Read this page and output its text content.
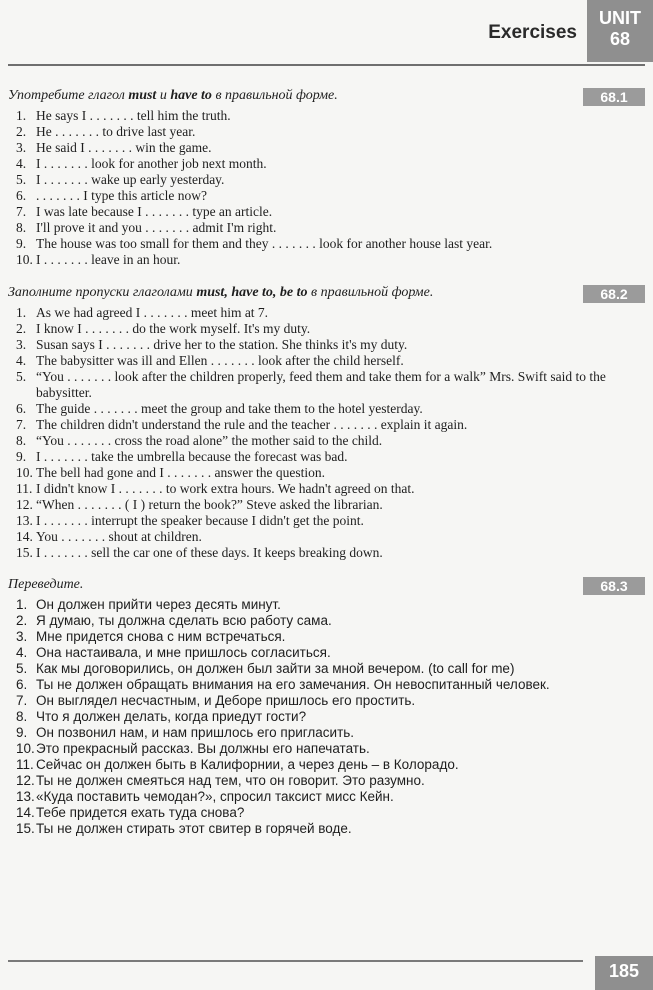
UNIT
68
Exercises
Употребите глагол must и have to в правильной форме.	68.1
1. He says I . . . . . . . tell him the truth.
2. He . . . . . . . to drive last year.
3. He said I . . . . . . . win the game.
4. I . . . . . . . look for another job next month.
5. I . . . . . . . wake up early yesterday.
6. . . . . . . . I type this article now?
7. I was late because I . . . . . . . type an article.
8. I'll prove it and you . . . . . . . admit I'm right.
9. The house was too small for them and they . . . . . . . look for another house last year.
10. I . . . . . . . leave in an hour.
Заполните пропуски глаголами must, have to, be to в правильной форме.	68.2
1. As we had agreed I . . . . . . . meet him at 7.
2. I know I . . . . . . . do the work myself. It's my duty.
3. Susan says I . . . . . . . drive her to the station. She thinks it's my duty.
4. The babysitter was ill and Ellen . . . . . . . look after the child herself.
5. “You . . . . . . . look after the children properly, feed them and take them for a walk” Mrs. Swift said to the babysitter.
6. The guide . . . . . . . meet the group and take them to the hotel yesterday.
7. The children didn't understand the rule and the teacher . . . . . . . explain it again.
8. “You . . . . . . . cross the road alone” the mother said to the child.
9. I . . . . . . . take the umbrella because the forecast was bad.
10. The bell had gone and I . . . . . . . answer the question.
11. I didn't know I . . . . . . . to work extra hours. We hadn't agreed on that.
12. “When . . . . . . . ( I ) return the book?” Steve asked the librarian.
13. I . . . . . . . interrupt the speaker because I didn't get the point.
14. You . . . . . . . shout at children.
15. I . . . . . . . sell the car one of these days. It keeps breaking down.
Переведите.	68.3
1. Он должен прийти через десять минут.
2. Я думаю, ты должна сделать всю работу сама.
3. Мне придется снова с ним встречаться.
4. Она настаивала, и мне пришлось согласиться.
5. Как мы договорились, он должен был зайти за мной вечером. (to call for me)
6. Ты не должен обращать внимания на его замечания. Он невоспитанный человек.
7. Он выглядел несчастным, и Деборе пришлось его простить.
8. Что я должен делать, когда приедут гости?
9. Он позвонил нам, и нам пришлось его пригласить.
10.Это прекрасный рассказ. Вы должны его напечатать.
11. Сейчас он должен быть в Калифорнии, а через день – в Колорадо.
12.Ты не должен смеяться над тем, что он говорит. Это разумно.
13.«Куда поставить чемодан?», спросил таксист мисс Кейн.
14.Тебе придется ехать туда снова?
15.Ты не должен стирать этот свитер в горячей воде.
185
